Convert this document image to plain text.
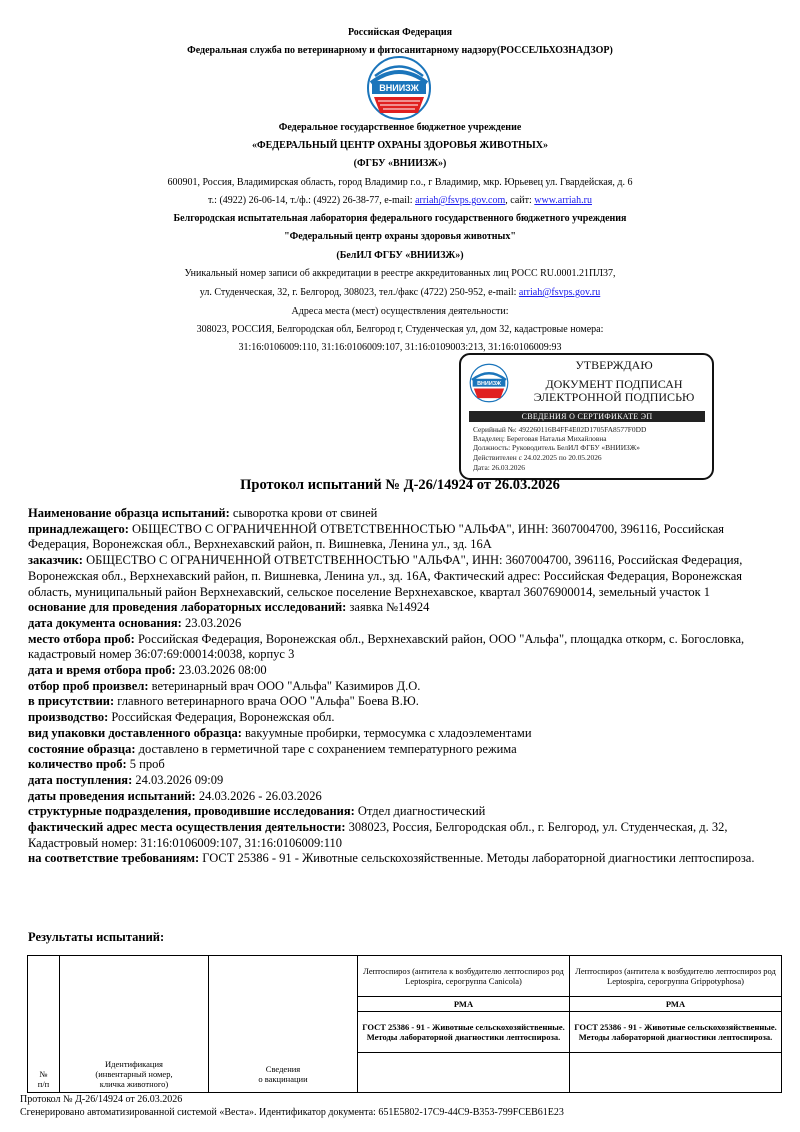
Российская Федерация
Федеральная служба по ветеринарному и фитосанитарному надзору(РОССЕЛЬХОЗНАДЗОР)
ВНИИЗЖ
Федеральное государственное бюджетное учреждение
«ФЕДЕРАЛЬНЫЙ ЦЕНТР ОХРАНЫ ЗДОРОВЬЯ ЖИВОТНЫХ»
(ФГБУ «ВНИИЗЖ»)
600901, Россия, Владимирская область, город Владимир г.о., г Владимир, мкр. Юрьевец ул. Гвардейская, д. 6
т.: (4922) 26-06-14, т./ф.: (4922) 26-38-77, e-mail: arriah@fsvps.gov.com, сайт: www.arriah.ru
Белгородская испытательная лаборатория федерального государственного бюджетного учреждения
"Федеральный центр охраны здоровья животных"
(БелИЛ ФГБУ «ВНИИЗЖ»)
Уникальный номер записи об аккредитации в реестре аккредитованных лиц РОСС RU.0001.21ПЛ37,
ул. Студенческая, 32, г. Белгород, 308023, тел./факс (4722) 250-952, e-mail: arriah@fsvps.gov.ru
Адреса места (мест) осуществления деятельности:
308023, РОССИЯ, Белгородская обл, Белгород г, Студенческая ул, дом 32, кадастровые номера:
31:16:0106009:110, 31:16:0106009:107, 31:16:0109003:213, 31:16:0106009:93
ВНИИЗЖ
УТВЕРЖДАЮ
ДОКУМЕНТ ПОДПИСАН
ЭЛЕКТРОННОЙ ПОДПИСЬЮ
СВЕДЕНИЯ О СЕРТИФИКАТЕ ЭП
Серийный №: 492260116B4FF4E02D1705FA8577F0DD
Владелец: Береговая Наталья Михайловна
Должность: Руководитель БелИЛ ФГБУ «ВНИИЗЖ»
Действителен с 24.02.2025 по 20.05.2026
Дата: 26.03.2026
Протокол испытаний № Д-26/14924 от 26.03.2026

Наименование образца испытаний: сыворотка крови от свиней

принадлежащего: ОБЩЕСТВО С ОГРАНИЧЕННОЙ ОТВЕТСТВЕННОСТЬЮ "АЛЬФА", ИНН: 3607004700, 396116, Российская Федерация, Воронежская обл., Верхнехавский район, п. Вишневка, Ленина ул., зд. 16А

заказчик: ОБЩЕСТВО С ОГРАНИЧЕННОЙ ОТВЕТСТВЕННОСТЬЮ "АЛЬФА", ИНН: 3607004700, 396116, Российская Федерация, Воронежская обл., Верхнехавский район, п. Вишневка, Ленина ул., зд. 16А, Фактический адрес: Российская Федерация, Воронежская область, муниципальный район Верхнехавский, сельское поселение Верхнехавское, квартал 36076900014, земельный участок 1

основание для проведения лабораторных исследований: заявка №14924

дата документа основания: 23.03.2026

место отбора проб: Российская Федерация, Воронежская обл., Верхнехавский район, ООО "Альфа", площадка откорм, с. Богословка, кадастровый номер 36:07:69:00014:0038, корпус 3

дата и время отбора проб: 23.03.2026 08:00

отбор проб произвел: ветеринарный врач ООО "Альфа" Казимиров Д.О.

в присутствии: главного ветеринарного врача ООО "Альфа" Боева В.Ю.

производство: Российская Федерация, Воронежская обл.

вид упаковки доставленного образца: вакуумные пробирки, термосумка с хладоэлементами

состояние образца: доставлено в герметичной таре с сохранением температурного режима

количество проб: 5 проб

дата поступления: 24.03.2026 09:09

даты проведения испытаний: 24.03.2026 - 26.03.2026

структурные подразделения, проводившие исследования: Отдел диагностический

фактический адрес места осуществления деятельности: 308023, Россия, Белгородская обл., г. Белгород, ул. Студенческая, д. 32, Кадастровый номер: 31:16:0106009:107, 31:16:0106009:110

на соответствие требованиям: ГОСТ 25386 - 91 - Животные сельскохозяйственные. Методы лабораторной диагностики лептоспироза.

Результаты испытаний:
№
п/п	Идентификация
(инвентарный номер,
кличка животного)	Сведения
о вакцинации	Лептоспироз (антитела к возбудителю лептоспироз род Leptospira, серогруппа Canicola)	Лептоспироз (антитела к возбудителю лептоспироз род Leptospira, серогруппа Grippotyphosa)
			РМА	РМА
			ГОСТ 25386 - 91 - Животные сельскохозяйственные. Методы лабораторной диагностики лептоспироза.	ГОСТ 25386 - 91 - Животные сельскохозяйственные. Методы лабораторной диагностики лептоспироза.

Протокол № Д-26/14924 от 26.03.2026
Сгенерировано автоматизированной системой «Веста». Идентификатор документа: 651E5802-17C9-44C9-B353-799FCEB61E23
